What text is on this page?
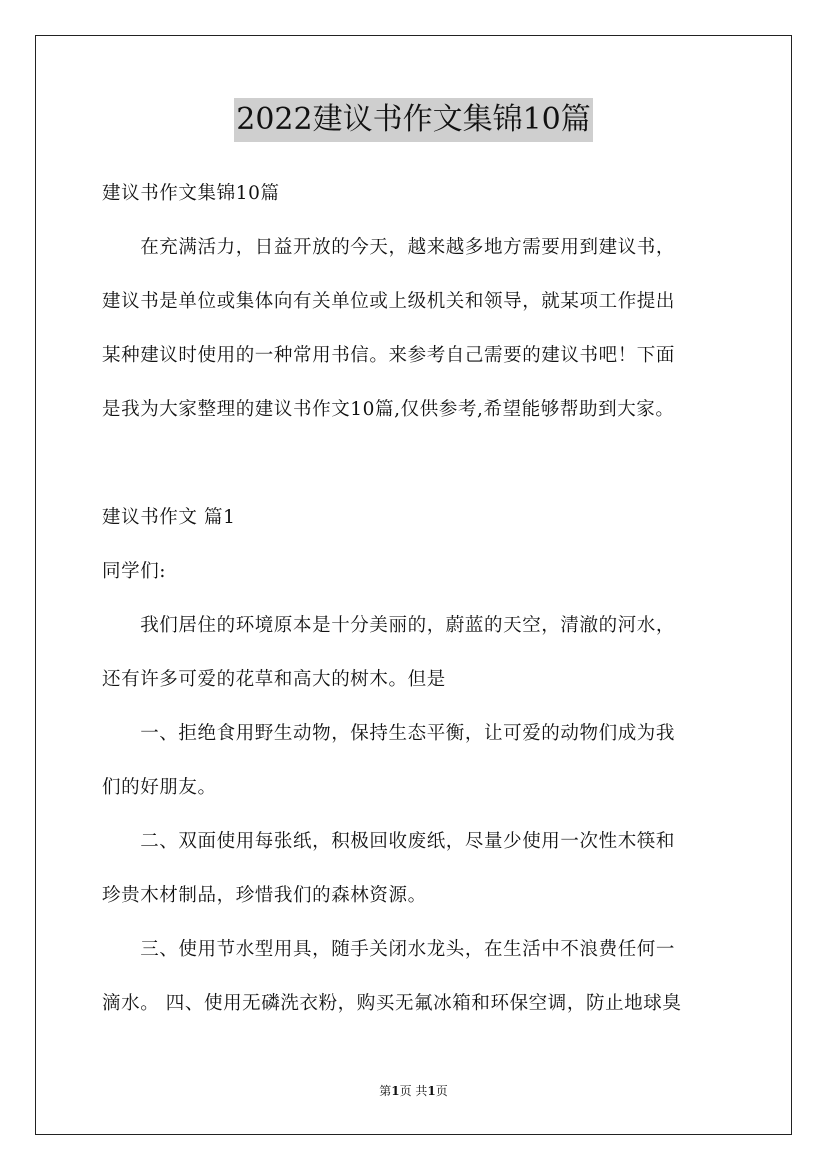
2022建议书作文集锦10篇
建议书作文集锦10篇
　　在充满活力，日益开放的今天，越来越多地方需要用到建议书，
建议书是单位或集体向有关单位或上级机关和领导，就某项工作提出
某种建议时使用的一种常用书信。来参考自己需要的建议书吧！下面
是我为大家整理的建议书作文10篇,仅供参考,希望能够帮助到大家。
建议书作文 篇1
同学们:
　　我们居住的环境原本是十分美丽的，蔚蓝的天空，清澈的河水，
还有许多可爱的花草和高大的树木。但是
　　一、拒绝食用野生动物，保持生态平衡，让可爱的动物们成为我
们的好朋友。
　　二、双面使用每张纸，积极回收废纸，尽量少使用一次性木筷和
珍贵木材制品，珍惜我们的森林资源。
　　三、使用节水型用具，随手关闭水龙头，在生活中不浪费任何一
滴水。 四、使用无磷洗衣粉，购买无氟冰箱和环保空调，防止地球臭
第1页 共1页
